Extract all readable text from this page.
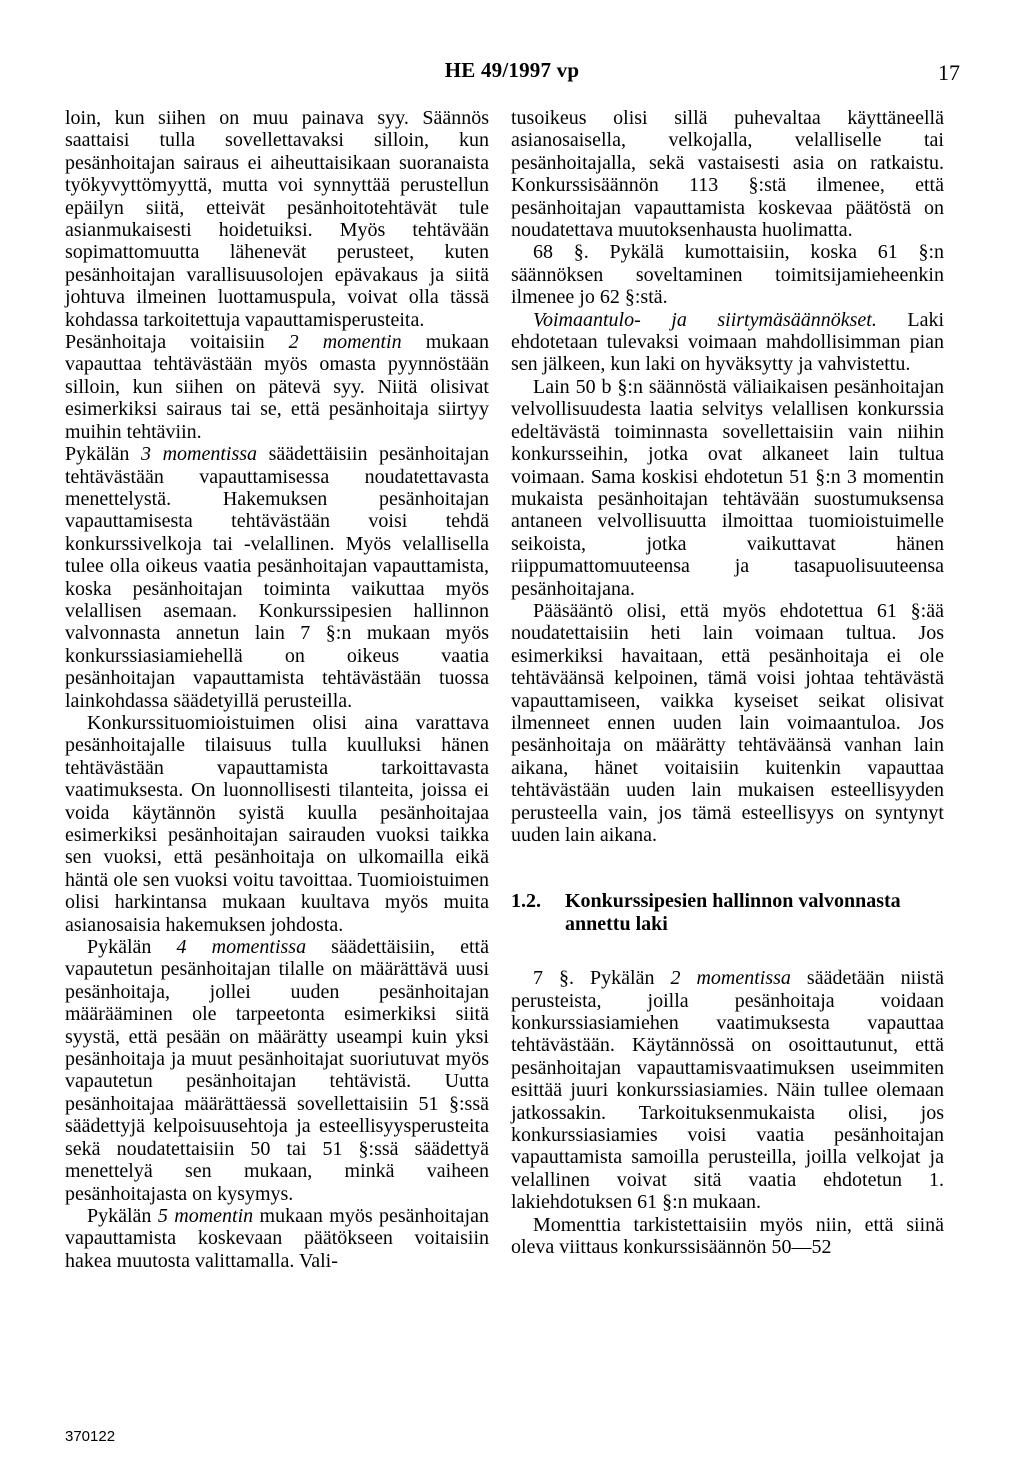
HE 49/1997 vp	17

loin, kun siihen on muu painava syy. Säännös saattaisi tulla sovellettavaksi silloin, kun pesänhoitajan sairaus ei aiheuttaisikaan suoranaista työkyvyttömyyttä, mutta voi synnyttää perustellun epäilyn siitä, etteivät pesänhoitotehtävät tule asianmukaisesti hoidetuiksi. Myös tehtävään sopimattomuutta lähenevät perusteet, kuten pesänhoitajan varallisuusolojen epävakaus ja siitä johtuva ilmeinen luottamuspula, voivat olla tässä kohdassa tarkoitettuja vapauttamisperusteita.

Pesänhoitaja voitaisiin 2 momentin mukaan vapauttaa tehtävästään myös omasta pyynnöstään silloin, kun siihen on pätevä syy. Niitä olisivat esimerkiksi sairaus tai se, että pesänhoitaja siirtyy muihin tehtäviin.

Pykälän 3 momentissa säädettäisiin pesänhoitajan tehtävästään vapauttamisessa noudatettavasta menettelystä. Hakemuksen pesänhoitajan vapauttamisesta tehtävästään voisi tehdä konkurssivelkoja tai -velallinen. Myös velallisella tulee olla oikeus vaatia pesänhoitajan vapauttamista, koska pesänhoitajan toiminta vaikuttaa myös velallisen asemaan. Konkurssipesien hallinnon valvonnasta annetun lain 7 §:n mukaan myös konkurssiasiamiehellä on oikeus vaatia pesänhoitajan vapauttamista tehtävästään tuossa lainkohdassa säädetyillä perusteilla.

Konkurssituomioistuimen olisi aina varattava pesänhoitajalle tilaisuus tulla kuulluksi hänen tehtävästään vapauttamista tarkoittavasta vaatimuksesta. On luonnollisesti tilanteita, joissa ei voida käytännön syistä kuulla pesänhoitajaa esimerkiksi pesänhoitajan sairauden vuoksi taikka sen vuoksi, että pesänhoitaja on ulkomailla eikä häntä ole sen vuoksi voitu tavoittaa. Tuomioistuimen olisi harkintansa mukaan kuultava myös muita asianosaisia hakemuksen johdosta.

Pykälän 4 momentissa säädettäisiin, että vapautetun pesänhoitajan tilalle on määrättävä uusi pesänhoitaja, jollei uuden pesänhoitajan määrääminen ole tarpeetonta esimerkiksi siitä syystä, että pesään on määrätty useampi kuin yksi pesänhoitaja ja muut pesänhoitajat suoriutuvat myös vapautetun pesänhoitajan tehtävistä. Uutta pesänhoitajaa määrättäessä sovellettaisiin 51 §:ssä säädettyjä kelpoisuusehtoja ja esteellisyysperusteita sekä noudatettaisiin 50 tai 51 §:ssä säädettyä menettelyä sen mukaan, minkä vaiheen pesänhoitajasta on kysymys.

Pykälän 5 momentin mukaan myös pesänhoitajan vapauttamista koskevaan päätökseen voitaisiin hakea muutosta valittamalla. Vali-

tusoikeus olisi sillä puhevaltaa käyttäneellä asianosaisella, velkojalla, velalliselle tai pesänhoitajalla, sekä vastaisesti asia on ratkaistu. Konkurssisäännön 113 §:stä ilmenee, että pesänhoitajan vapauttamista koskevaa päätöstä on noudatettava muutoksenhausta huolimatta.

68 §. Pykälä kumottaisiin, koska 61 §:n säännöksen soveltaminen toimitsijamieheenkin ilmenee jo 62 §:stä.

Voimaantulo- ja siirtymäsäännökset. Laki ehdotetaan tulevaksi voimaan mahdollisimman pian sen jälkeen, kun laki on hyväksytty ja vahvistettu.

Lain 50 b §:n säännöstä väliaikaisen pesänhoitajan velvollisuudesta laatia selvitys velallisen konkurssia edeltävästä toiminnasta sovellettaisiin vain niihin konkursseihin, jotka ovat alkaneet lain tultua voimaan. Sama koskisi ehdotetun 51 §:n 3 momentin mukaista pesänhoitajan tehtävään suostumuksensa antaneen velvollisuutta ilmoittaa tuomioistuimelle seikoista, jotka vaikuttavat hänen riippumattomuuteensa ja tasapuolisuuteensa pesänhoitajana.

Pääsääntö olisi, että myös ehdotettua 61 §:ää noudatettaisiin heti lain voimaan tultua. Jos esimerkiksi havaitaan, että pesänhoitaja ei ole tehtäväänsä kelpoinen, tämä voisi johtaa tehtävästä vapauttamiseen, vaikka kyseiset seikat olisivat ilmenneet ennen uuden lain voimaantuloa. Jos pesänhoitaja on määrätty tehtäväänsä vanhan lain aikana, hänet voitaisiin kuitenkin vapauttaa tehtävästään uuden lain mukaisen esteellisyyden perusteella vain, jos tämä esteellisyys on syntynyt uuden lain aikana.

1.2.	Konkurssipesien hallinnon valvonnasta annettu laki

7 §. Pykälän 2 momentissa säädetään niistä perusteista, joilla pesänhoitaja voidaan konkurssiasiamiehen vaatimuksesta vapauttaa tehtävästään. Käytännössä on osoittautunut, että pesänhoitajan vapauttamisvaatimuksen useimmiten esittää juuri konkurssiasiamies. Näin tullee olemaan jatkossakin. Tarkoituksenmukaista olisi, jos konkurssiasiamies voisi vaatia pesänhoitajan vapauttamista samoilla perusteilla, joilla velkojat ja velallinen voivat sitä vaatia ehdotetun 1. lakiehdotuksen 61 §:n mukaan.

Momenttia tarkistettaisiin myös niin, että siinä oleva viittaus konkurssisäännön 50—52

370122
